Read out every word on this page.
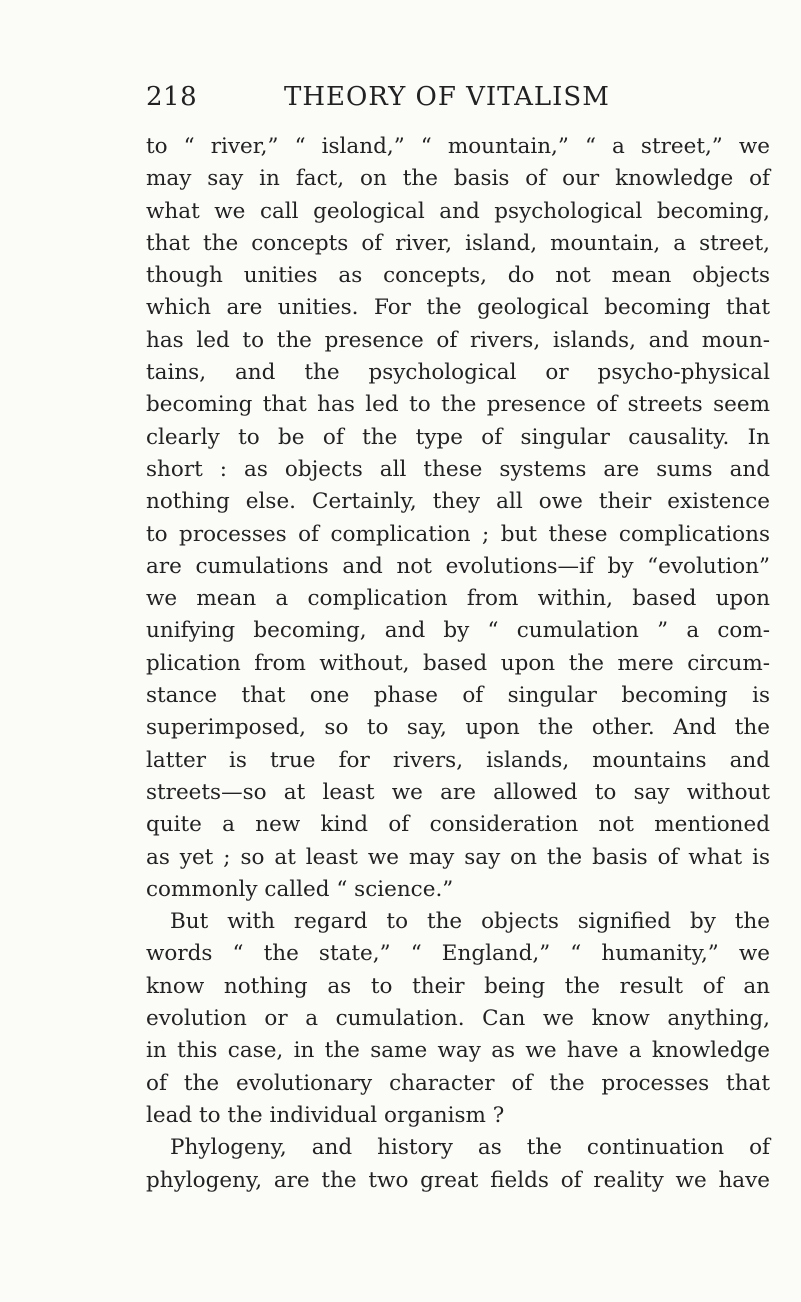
218	THEORY OF VITALISM

to “ river,” “ island,” “ mountain,” “ a street,” we
may say in fact, on the basis of our knowledge of
what we call geological and psychological becoming,
that the concepts of river, island, mountain, a street,
though unities as concepts, do not mean objects
which are unities. For the geological becoming that
has led to the presence of rivers, islands, and moun-
tains, and the psychological or psycho-physical
becoming that has led to the presence of streets seem
clearly to be of the type of singular causality. In
short : as objects all these systems are sums and
nothing else. Certainly, they all owe their existence
to processes of complication ; but these complications
are cumulations and not evolutions—if by “evolution”
we mean a complication from within, based upon
unifying becoming, and by “ cumulation ” a com-
plication from without, based upon the mere circum-
stance that one phase of singular becoming is
superimposed, so to say, upon the other. And the
latter is true for rivers, islands, mountains and
streets—so at least we are allowed to say without
quite a new kind of consideration not mentioned
as yet ; so at least we may say on the basis of what is
commonly called “ science.”

But with regard to the objects signified by the
words “ the state,” “ England,” “ humanity,” we
know nothing as to their being the result of an
evolution or a cumulation. Can we know anything,
in this case, in the same way as we have a knowledge
of the evolutionary character of the processes that
lead to the individual organism ?

Phylogeny, and history as the continuation of
phylogeny, are the two great fields of reality we have
